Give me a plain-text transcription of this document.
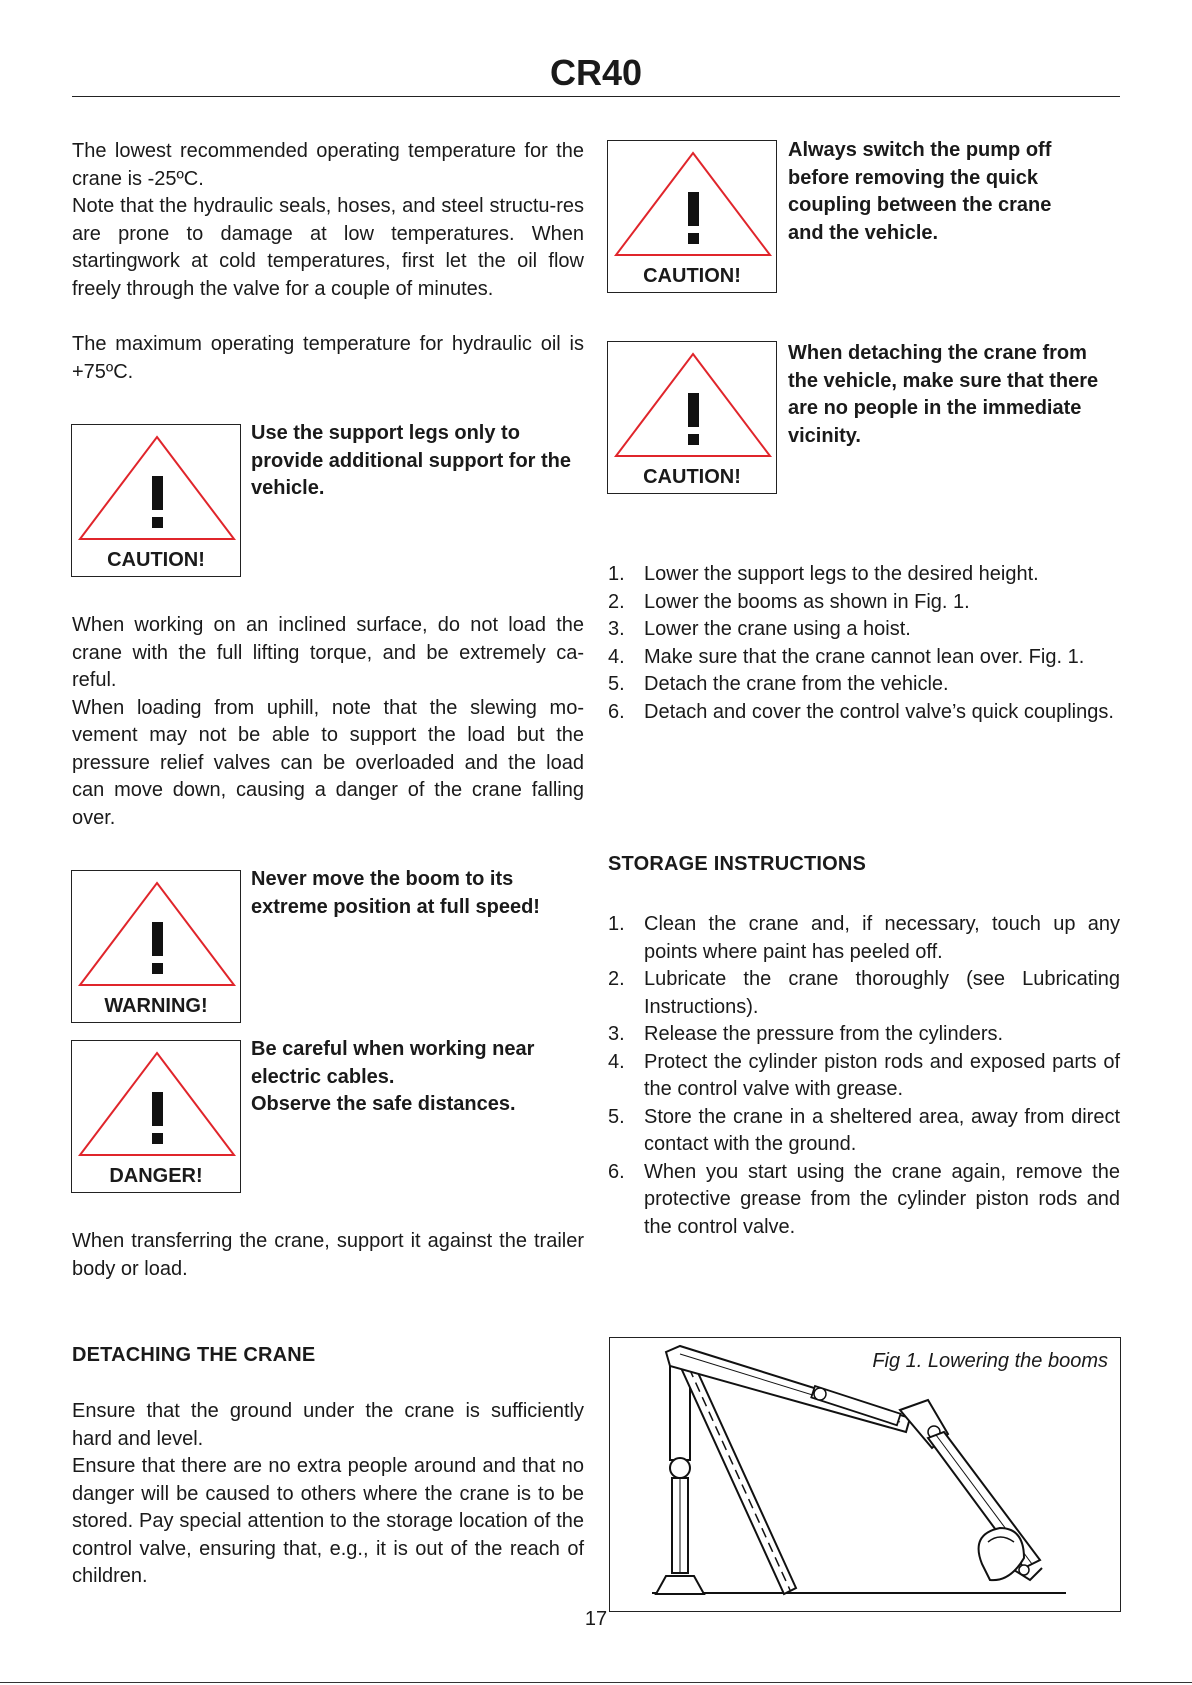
CR40

The lowest recommended operating temperature for the crane is -25ºC.

Note that the hydraulic seals, hoses, and steel structu-res are prone to damage at low temperatures. When startingwork at cold temperatures, first let the oil flow freely through the valve for a couple of minutes.

The maximum operating temperature for hydraulic oil is +75ºC.
CAUTION!
Use the support legs only to provide additional support for the vehicle.

When working on an inclined surface, do not load the crane with the full lifting torque, and be extremely ca-reful.

When loading from uphill, note that the slewing mo-vement may not be able to support the load but the pressure relief valves can be overloaded and the load can move down, causing a danger of the crane falling over.

WARNING!
Never move the boom to its extreme position at full speed!
DANGER!

Be careful when working near electric cables.

Observe the safe distances.

When transferring the crane, support it against the trailer body or load.
DETACHING THE CRANE

Ensure that the ground under the crane is sufficiently hard and level.

Ensure that there are no extra people around and that no danger will be caused to others where the crane is to be stored. Pay special attention to the storage location of the control valve, ensuring that, e.g., it is out of the reach of children.

CAUTION!
Always switch the pump off before removing the quick coupling between the crane and the vehicle.
CAUTION!
When detaching the crane from the vehicle, make sure that there are no people in the immediate vicinity.
1. Lower the support legs to the desired height.
2. Lower the booms as shown in Fig. 1.
3. Lower the crane using a hoist.
4. Make sure that the crane cannot lean over. Fig. 1.
5. Detach the crane from the vehicle.
6. Detach and cover the control valve’s quick couplings.
STORAGE INSTRUCTIONS
1. Clean the crane and, if necessary, touch up any points where paint has peeled off.
2. Lubricate the crane thoroughly (see Lubricating Instructions).
3. Release the pressure from the cylinders.
4. Protect the cylinder piston rods and exposed parts of the control valve with grease.
5. Store the crane in a sheltered area, away from direct contact with the ground.
6. When you start using the crane again, remove the protective grease from the cylinder piston rods and the control valve.
Fig 1. Lowering the booms
17
